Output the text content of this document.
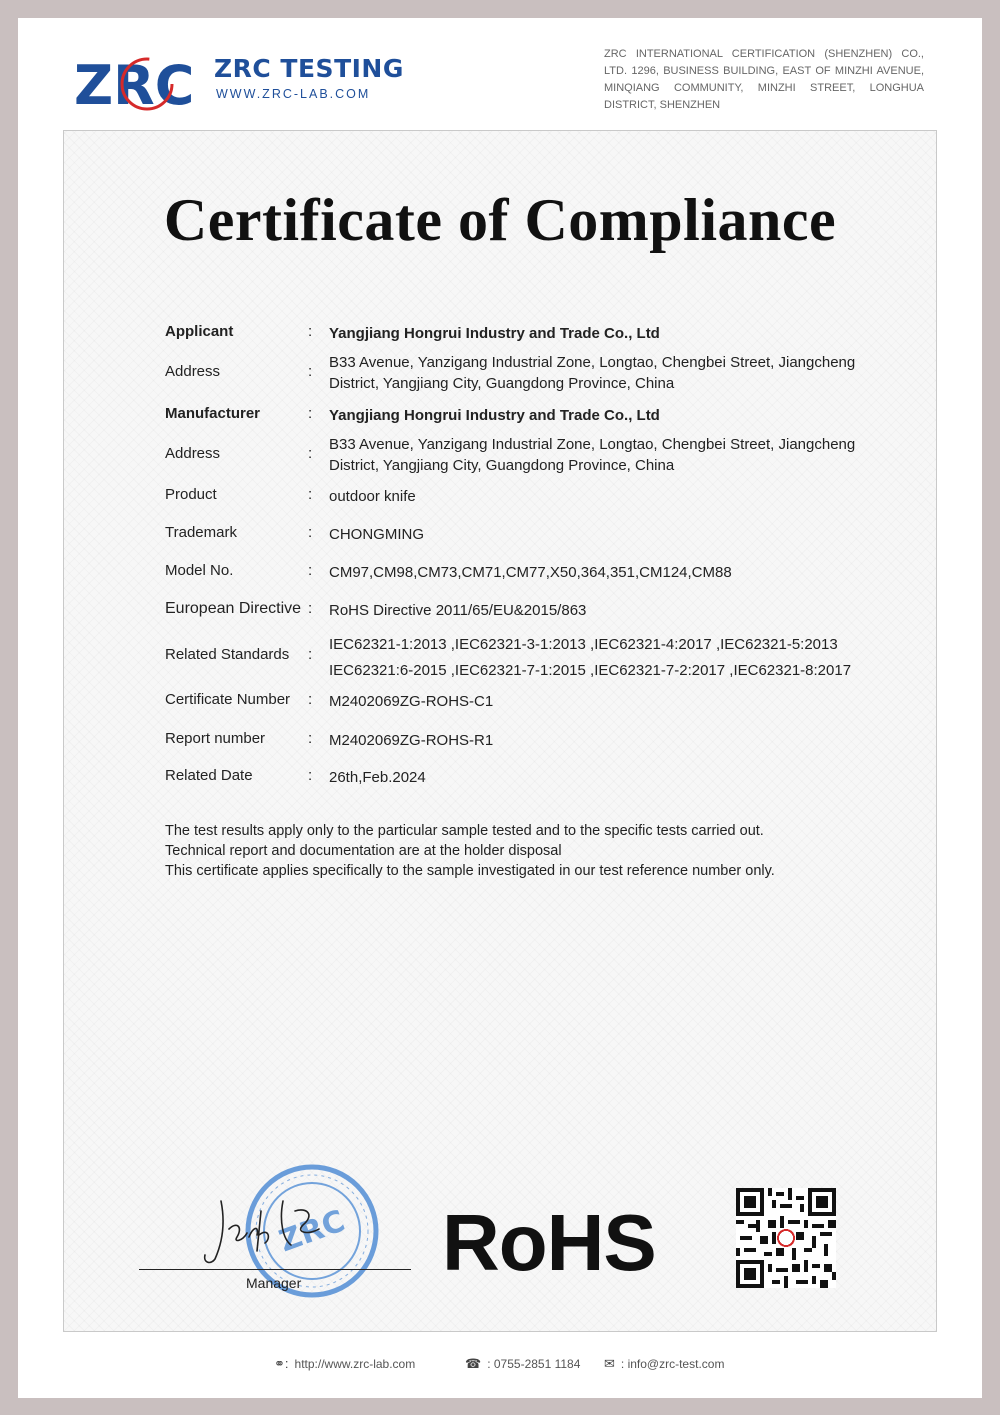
ZRC ZRC TESTING
WWW.ZRC-LAB.COM
ZRC INTERNATIONAL CERTIFICATION (SHENZHEN) CO., LTD. 1296, BUSINESS BUILDING, EAST OF MINZHI AVENUE, MINQIANG COMMUNITY, MINZHI STREET, LONGHUA DISTRICT, SHENZHEN
Certificate of Compliance
Applicant	: Yangjiang Hongrui Industry and Trade Co., Ltd
Address	:
B33 Avenue, Yanzigang Industrial Zone, Longtao, Chengbei Street, Jiangcheng District, Yangjiang City, Guangdong Province, China
Manufacturer	: Yangjiang Hongrui Industry and Trade Co., Ltd
Address	:
B33 Avenue, Yanzigang Industrial Zone, Longtao, Chengbei Street, Jiangcheng District, Yangjiang City, Guangdong Province, China
Product	: outdoor knife
Trademark	: CHONGMING
Model No.	: CM97,CM98,CM73,CM71,CM77,X50,364,351,CM124,CM88
European Directive : RoHS Directive 2011/65/EU&2015/863
Related Standards :
IEC62321-1:2013 ,IEC62321-3-1:2013 ,IEC62321-4:2017 ,IEC62321-5:2013
IEC62321:6-2015 ,IEC62321-7-1:2015 ,IEC62321-7-2:2017 ,IEC62321-8:2017
Certificate Number : M2402069ZG-ROHS-C1
Report number	: M2402069ZG-ROHS-R1
Related Date	: 26th,Feb.2024
The test results apply only to the particular sample tested and to the specific tests carried out.
Technical report and documentation are at the holder disposal
This certificate applies specifically to the sample investigated in our test reference number only.
ZRC
Manager RoHS
⚭: http://www.zrc-lab.com	☎ : 0755-2851 1184 ✉ : info@zrc-test.com
